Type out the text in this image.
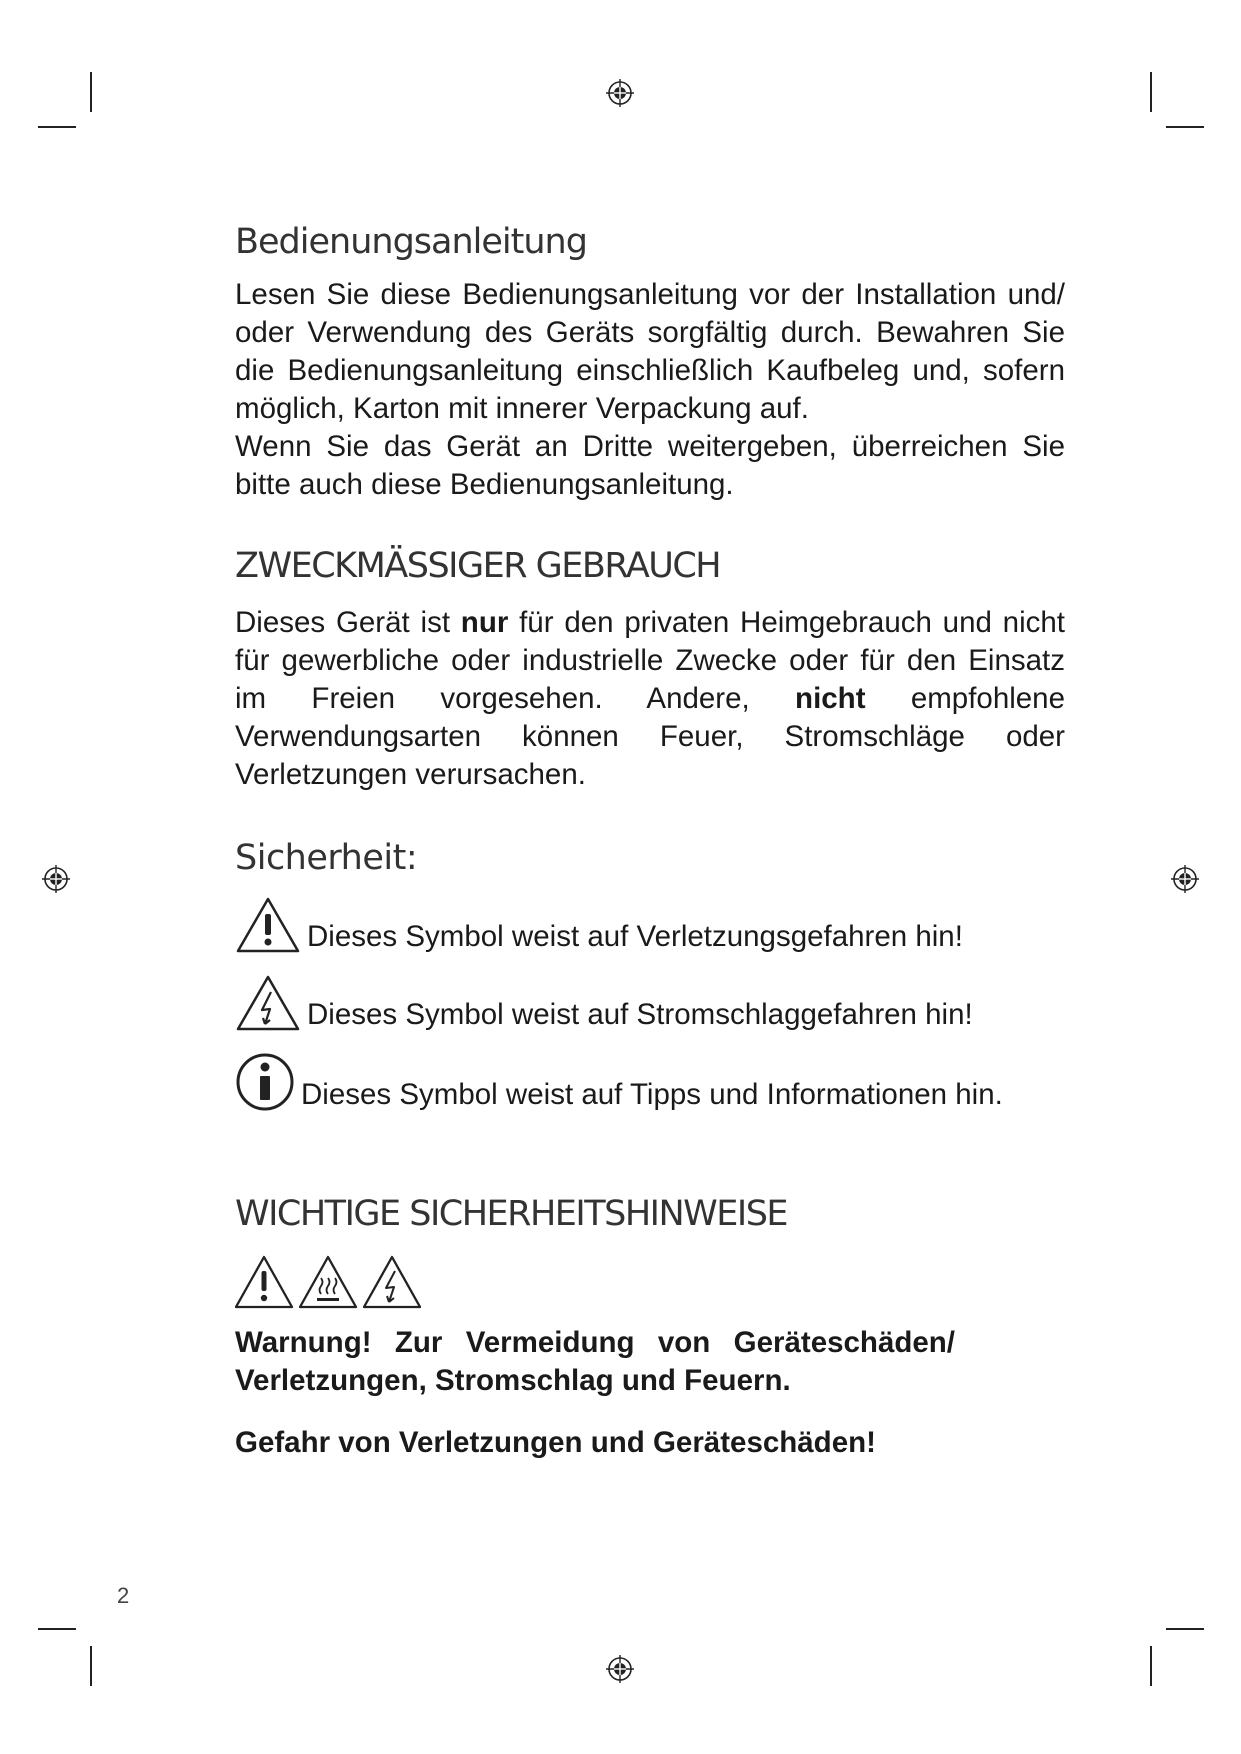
Bedienungsanleitung

Lesen Sie diese Bedienungsanleitung vor der Installation und/ oder Verwendung des Geräts sorgfältig durch. Bewahren Sie die Bedienungsanleitung einschließlich Kaufbeleg und, sofern möglich, Karton mit innerer Verpackung auf.

Wenn Sie das Gerät an Dritte weitergeben, überreichen Sie bitte auch diese Bedienungsanleitung.

ZWECKMÄSSIGER GEBRAUCH

Dieses Gerät ist nur für den privaten Heimgebrauch und nicht für gewerbliche oder industrielle Zwecke oder für den Einsatz im Freien vorgesehen. Andere, nicht empfohlene Verwendungsarten können Feuer, Stromschläge oder Verletzungen verursachen.

Sicherheit:
Dieses Symbol weist auf Verletzungsgefahren hin!
Dieses Symbol weist auf Stromschlaggefahren hin!
Dieses Symbol weist auf Tipps und Informationen hin.
WICHTIGE SICHERHEITSHINWEISE

Warnung! Zur Vermeidung von Geräteschäden/ Verletzungen, Stromschlag und Feuern.

Gefahr von Verletzungen und Geräteschäden!

2
